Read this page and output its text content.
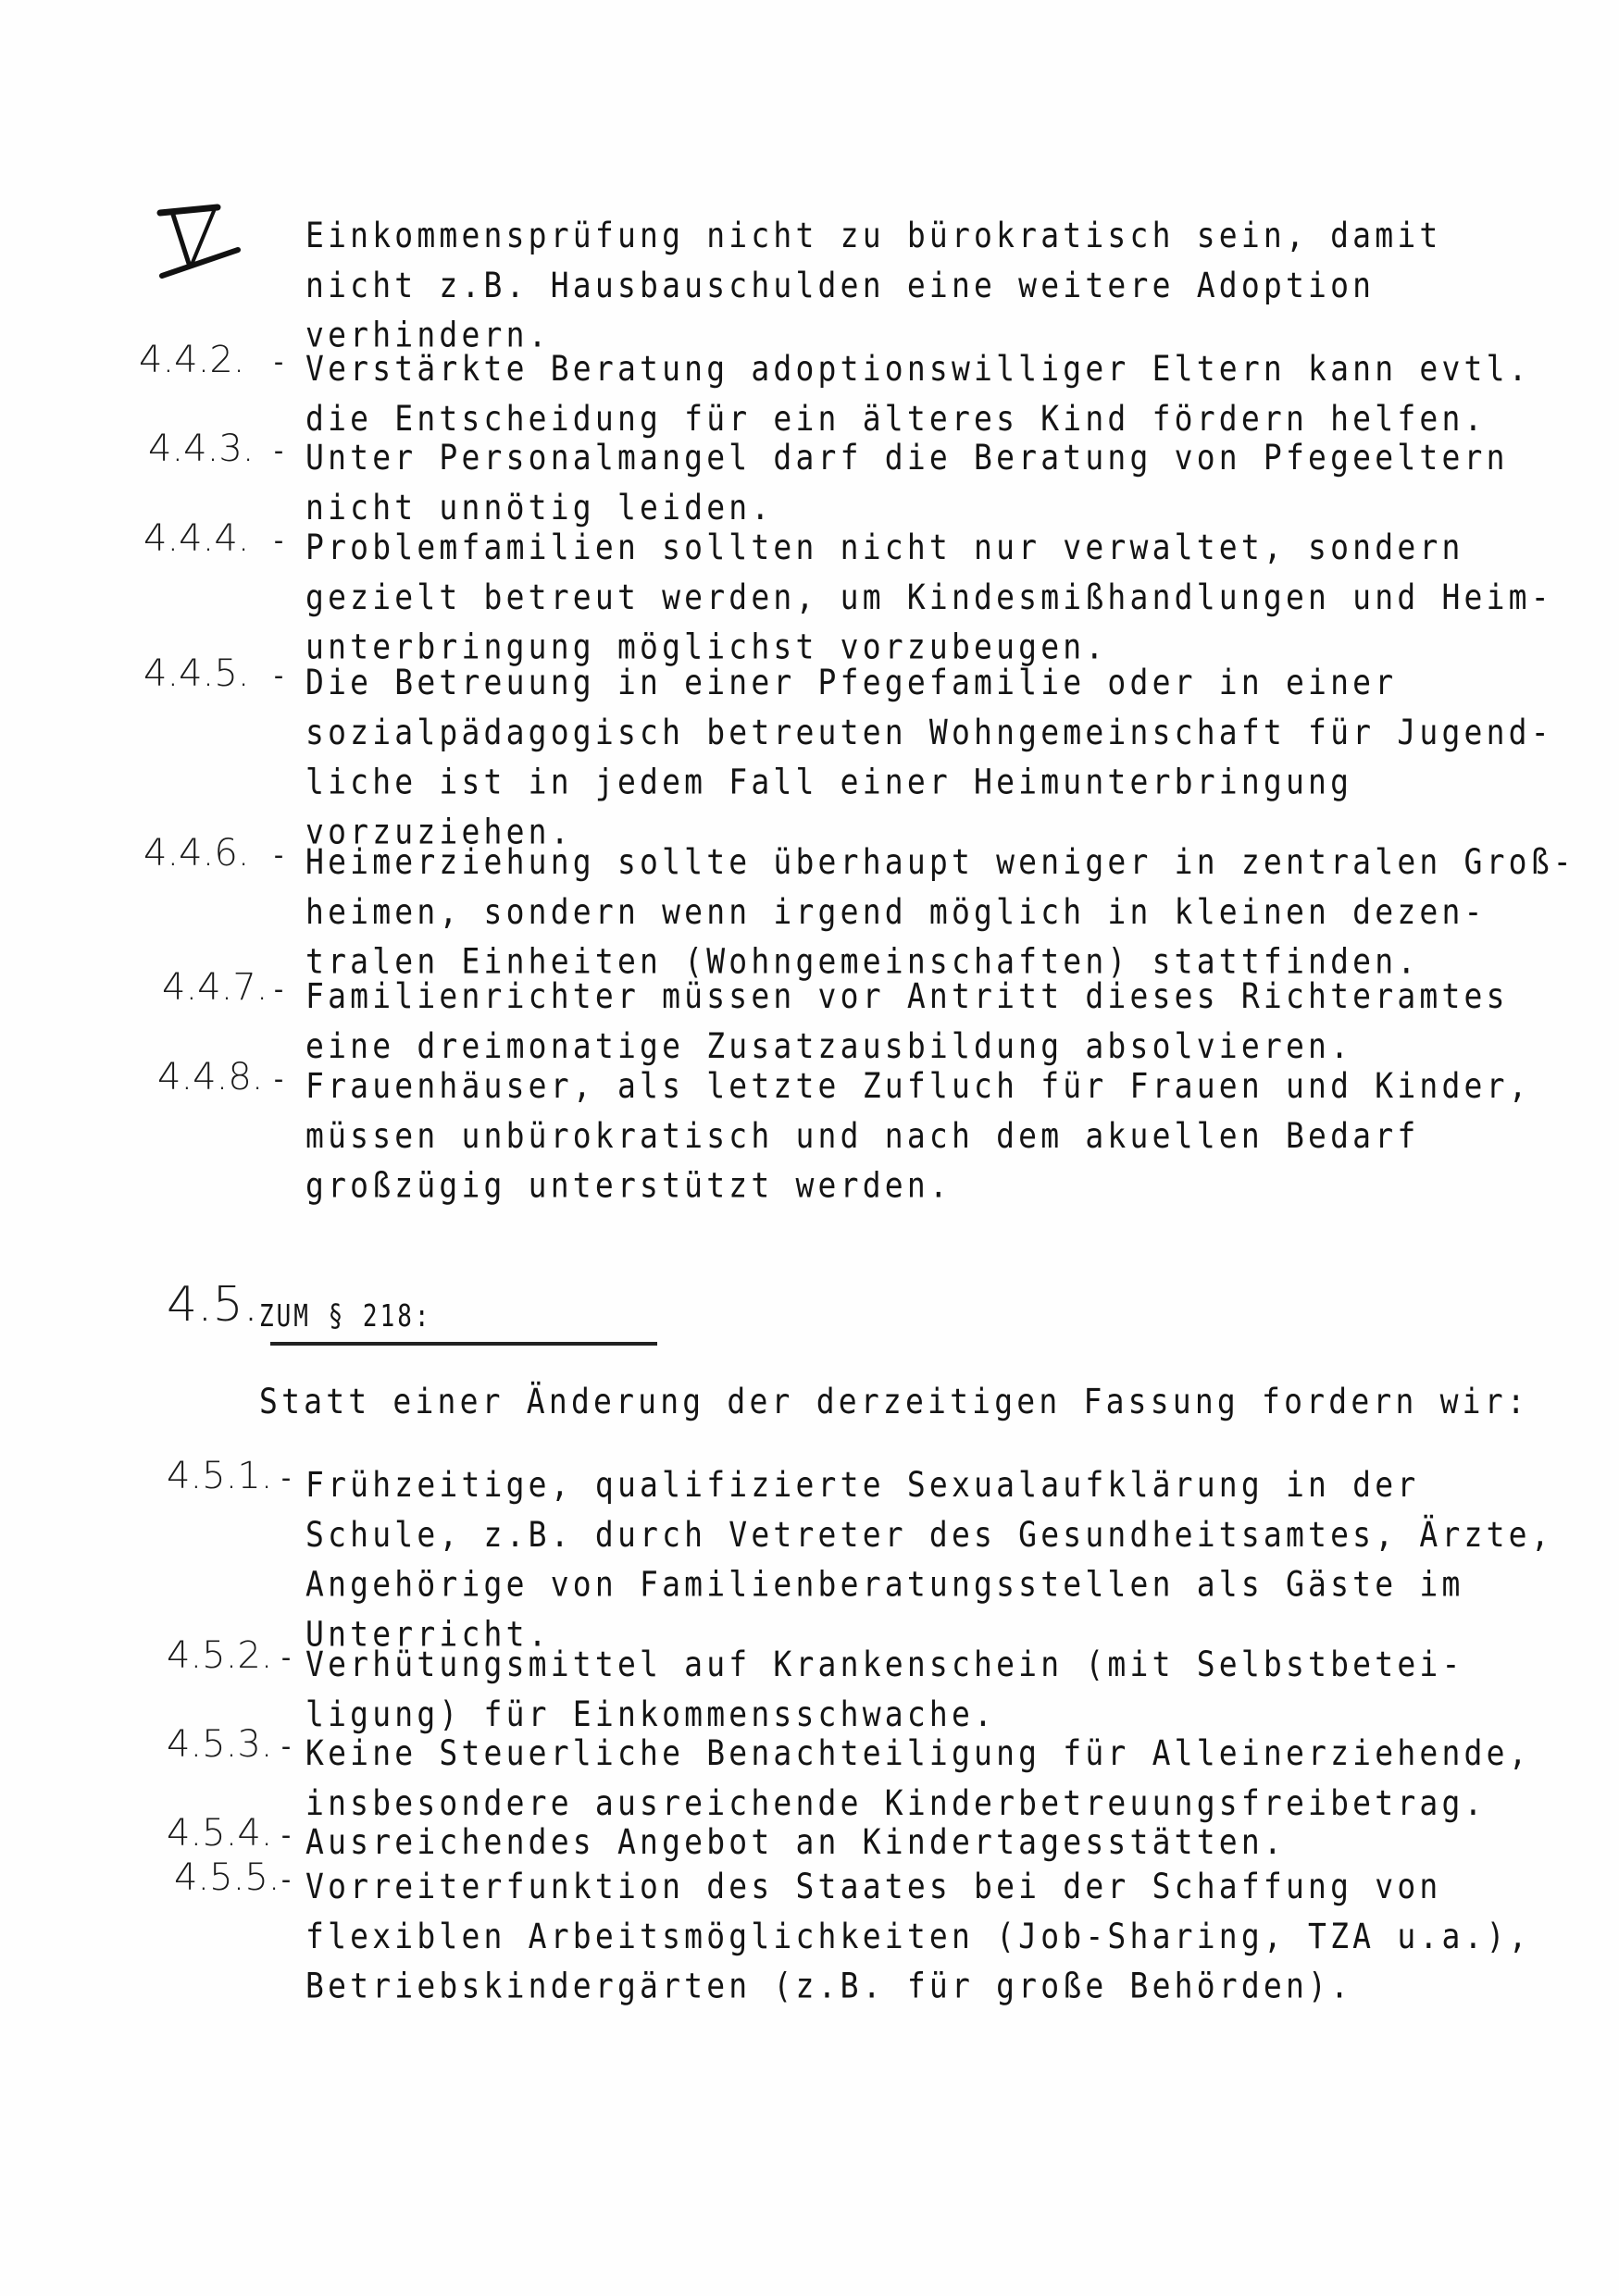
Einkommensprüfung nicht zu bürokratisch sein, damit
nicht z.B. Hausbauschulden eine weitere Adoption
verhindern.
4.4.2. - Verstärkte Beratung adoptionswilliger Eltern kann evtl.
die Entscheidung für ein älteres Kind fördern helfen.
4.4.3. - Unter Personalmangel darf die Beratung von Pfegeeltern
nicht unnötig leiden.
4.4.4. - Problemfamilien sollten nicht nur verwaltet, sondern
gezielt betreut werden, um Kindesmißhandlungen und Heim-
unterbringung möglichst vorzubeugen.
4.4.5. - Die Betreuung in einer Pfegefamilie oder in einer
sozialpädagogisch betreuten Wohngemeinschaft für Jugend-
liche ist in jedem Fall einer Heimunterbringung
vorzuziehen.
4.4.6. - Heimerziehung sollte überhaupt weniger in zentralen Groß-
heimen, sondern wenn irgend möglich in kleinen dezen-
tralen Einheiten (Wohngemeinschaften) stattfinden.
4.4.7. - Familienrichter müssen vor Antritt dieses Richteramtes
eine dreimonatige Zusatzausbildung absolvieren.
4.4.8. - Frauenhäuser, als letzte Zufluch für Frauen und Kinder,
müssen unbürokratisch und nach dem akuellen Bedarf
großzügig unterstützt werden.
4.5. ZUM § 218:
Statt einer Änderung der derzeitigen Fassung fordern wir:
4.5.1. - Frühzeitige, qualifizierte Sexualaufklärung in der
Schule, z.B. durch Vetreter des Gesundheitsamtes, Ärzte,
Angehörige von Familienberatungsstellen als Gäste im
Unterricht.
4.5.2. - Verhütungsmittel auf Krankenschein (mit Selbstbetei-
ligung) für Einkommensschwache.
4.5.3. - Keine Steuerliche Benachteiligung für Alleinerziehende,
insbesondere ausreichende Kinderbetreuungsfreibetrag.
4.5.4. - Ausreichendes Angebot an Kindertagesstätten.
4.5.5.
- Vorreiterfunktion des Staates bei der Schaffung von
flexiblen Arbeitsmöglichkeiten (Job-Sharing, TZA u.a.),
Betriebskindergärten (z.B. für große Behörden).
